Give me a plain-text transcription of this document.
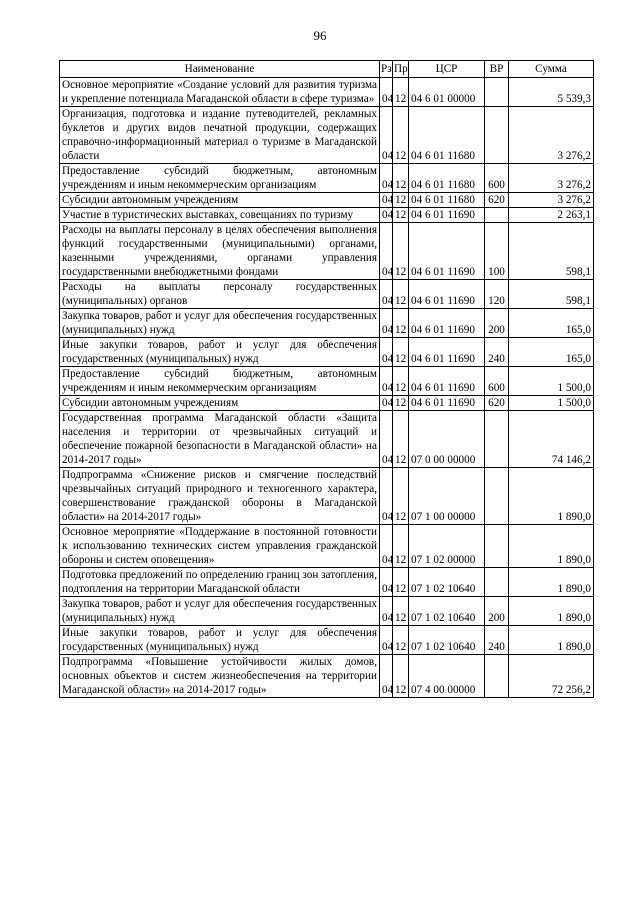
96
Наименование	Рз	Пр	ЦСР	ВР	Сумма
Основное мероприятие «Создание условий для развития туризма и укрепление потенциала Магаданской области в сфере туризма»	04	12	04 6 01 00000		5 539,3
Организация, подготовка и издание путеводителей, рекламных буклетов и других видов печатной продукции, содержащих справочно-информационный материал о туризме в Магаданской области	04	12	04 6 01 11680		3 276,2
Предоставление субсидий бюджетным, автономным учреждениям и иным некоммерческим организациям	04	12	04 6 01 11680	600	3 276,2
Субсидии автономным учреждениям	04	12	04 6 01 11680	620	3 276,2
Участие в туристических выставках, совещаниях по туризму	04	12	04 6 01 11690		2 263,1
Расходы на выплаты персоналу в целях обеспечения выполнения функций государственными (муниципальными) органами, казенными учреждениями, органами управления государственными внебюджетными фондами	04	12	04 6 01 11690	100	598,1
Расходы на выплаты персоналу государственных (муниципальных) органов	04	12	04 6 01 11690	120	598,1
Закупка товаров, работ и услуг для обеспечения государственных (муниципальных) нужд	04	12	04 6 01 11690	200	165,0
Иные закупки товаров, работ и услуг для обеспечения государственных (муниципальных) нужд	04	12	04 6 01 11690	240	165,0
Предоставление субсидий бюджетным, автономным учреждениям и иным некоммерческим организациям	04	12	04 6 01 11690	600	1 500,0
Субсидии автономным учреждениям	04	12	04 6 01 11690	620	1 500,0
Государственная программа Магаданской области «Защита населения и территории от чрезвычайных ситуаций и обеспечение пожарной безопасности в Магаданской области» на 2014-2017 годы»	04	12	07 0 00 00000		74 146,2
Подпрограмма «Снижение рисков и смягчение последствий чрезвычайных ситуаций природного и техногенного характера, совершенствование гражданской обороны в Магаданской области» на 2014-2017 годы»	04	12	07 1 00 00000		1 890,0
Основное мероприятие «Поддержание в постоянной готовности к использованию технических систем управления гражданской обороны и систем оповещения»	04	12	07 1 02 00000		1 890,0
Подготовка предложений по определению границ зон затопления, подтопления на территории Магаданской области	04	12	07 1 02 10640		1 890,0
Закупка товаров, работ и услуг для обеспечения государственных (муниципальных) нужд	04	12	07 1 02 10640	200	1 890,0
Иные закупки товаров, работ и услуг для обеспечения государственных (муниципальных) нужд	04	12	07 1 02 10640	240	1 890,0
Подпрограмма «Повышение устойчивости жилых домов, основных объектов и систем жизнеобеспечения на территории Магаданской области» на 2014-2017 годы»	04	12	07 4 00 00000		72 256,2
